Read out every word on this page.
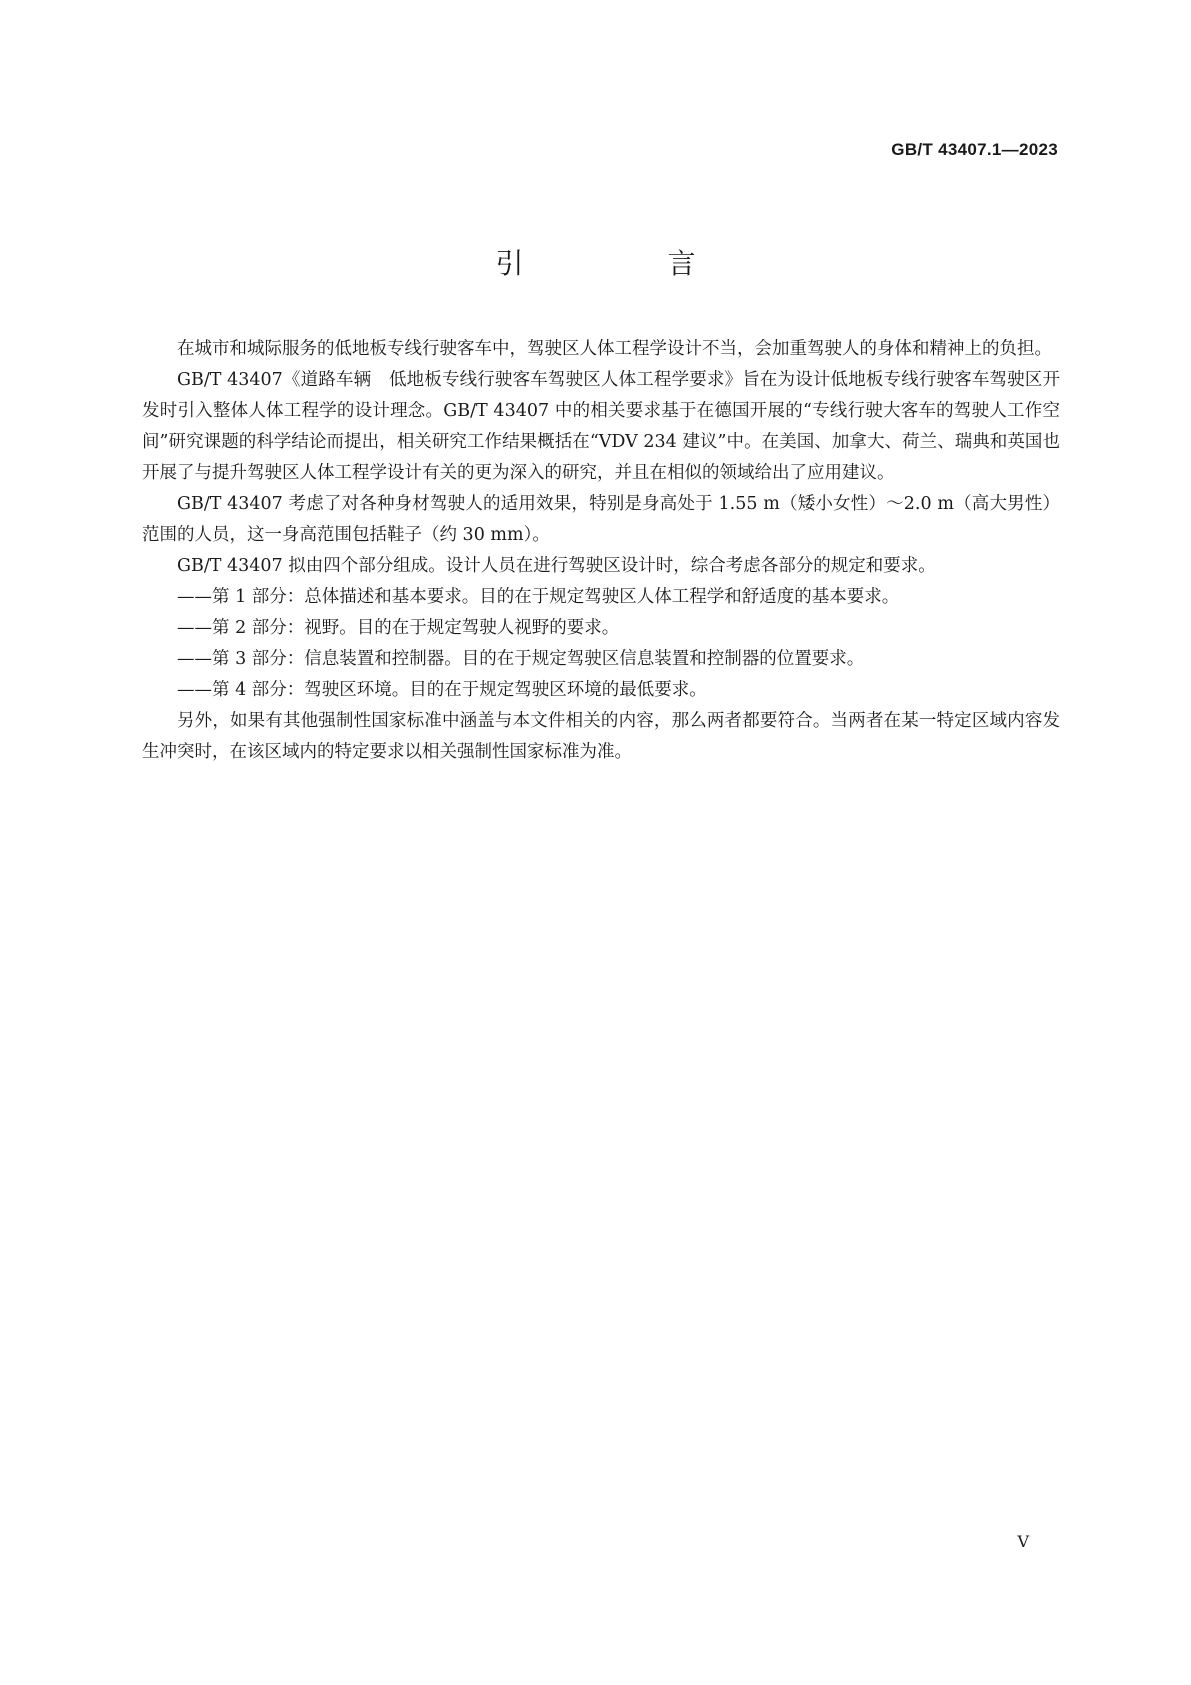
GB/T 43407.1—2023
引　言

在城市和城际服务的低地板专线行驶客车中，驾驶区人体工程学设计不当，会加重驾驶人的身体和精神上的负担。

GB/T 43407《道路车辆　低地板专线行驶客车驾驶区人体工程学要求》旨在为设计低地板专线行驶客车驾驶区开发时引入整体人体工程学的设计理念。GB/T 43407 中的相关要求基于在德国开展的“专线行驶大客车的驾驶人工作空间”研究课题的科学结论而提出，相关研究工作结果概括在“VDV 234 建议”中。在美国、加拿大、荷兰、瑞典和英国也开展了与提升驾驶区人体工程学设计有关的更为深入的研究，并且在相似的领域给出了应用建议。

GB/T 43407 考虑了对各种身材驾驶人的适用效果，特别是身高处于 1.55 m（矮小女性）～2.0 m（高大男性）范围的人员，这一身高范围包括鞋子（约 30 mm）。

GB/T 43407 拟由四个部分组成。设计人员在进行驾驶区设计时，综合考虑各部分的规定和要求。

——第 1 部分：总体描述和基本要求。目的在于规定驾驶区人体工程学和舒适度的基本要求。

——第 2 部分：视野。目的在于规定驾驶人视野的要求。

——第 3 部分：信息装置和控制器。目的在于规定驾驶区信息装置和控制器的位置要求。

——第 4 部分：驾驶区环境。目的在于规定驾驶区环境的最低要求。

另外，如果有其他强制性国家标准中涵盖与本文件相关的内容，那么两者都要符合。当两者在某一特定区域内容发生冲突时，在该区域内的特定要求以相关强制性国家标准为准。

V
